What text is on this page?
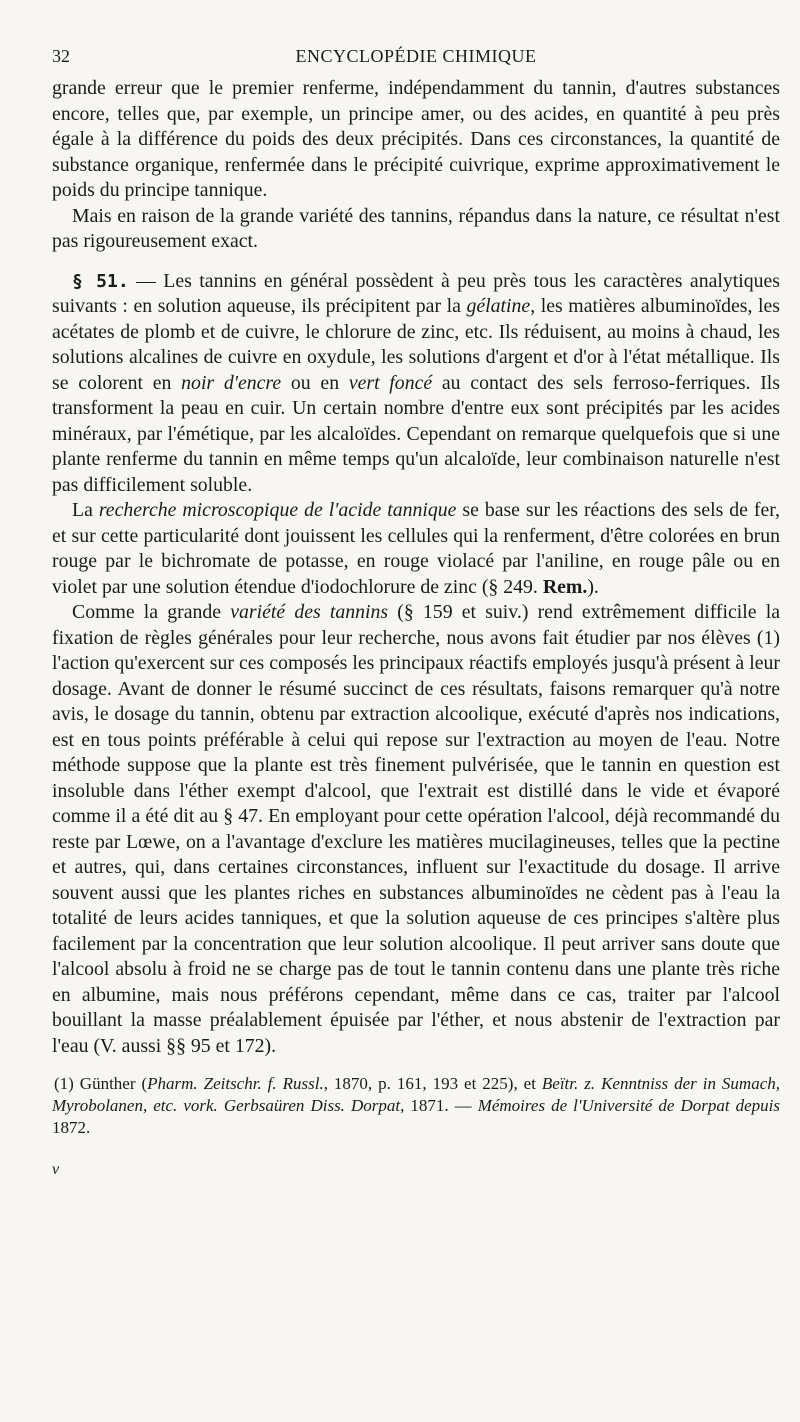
32	ENCYCLOPÉDIE CHIMIQUE

grande erreur que le premier renferme, indépendamment du tannin, d'autres substances encore, telles que, par exemple, un principe amer, ou des acides, en quantité à peu près égale à la différence du poids des deux précipités. Dans ces circonstances, la quantité de substance organique, renfermée dans le précipité cuivrique, exprime approximativement le poids du principe tannique.

Mais en raison de la grande variété des tannins, répandus dans la nature, ce résultat n'est pas rigoureusement exact.

§ 51. — Les tannins en général possèdent à peu près tous les caractères analytiques suivants : en solution aqueuse, ils précipitent par la gélatine, les matières albuminoïdes, les acétates de plomb et de cuivre, le chlorure de zinc, etc. Ils réduisent, au moins à chaud, les solutions alcalines de cuivre en oxydule, les solutions d'argent et d'or à l'état métallique. Ils se colorent en noir d'encre ou en vert foncé au contact des sels ferroso-ferriques. Ils transforment la peau en cuir. Un certain nombre d'entre eux sont précipités par les acides minéraux, par l'émétique, par les alcaloïdes. Cependant on remarque quelquefois que si une plante renferme du tannin en même temps qu'un alcaloïde, leur combinaison naturelle n'est pas difficilement soluble.

La recherche microscopique de l'acide tannique se base sur les réactions des sels de fer, et sur cette particularité dont jouissent les cellules qui la renferment, d'être colorées en brun rouge par le bichromate de potasse, en rouge violacé par l'aniline, en rouge pâle ou en violet par une solution étendue d'iodochlorure de zinc (§ 249. Rem.).

Comme la grande variété des tannins (§ 159 et suiv.) rend extrêmement difficile la fixation de règles générales pour leur recherche, nous avons fait étudier par nos élèves (1) l'action qu'exercent sur ces composés les principaux réactifs employés jusqu'à présent à leur dosage. Avant de donner le résumé succinct de ces résultats, faisons remarquer qu'à notre avis, le dosage du tannin, obtenu par extraction alcoolique, exécuté d'après nos indications, est en tous points préférable à celui qui repose sur l'extraction au moyen de l'eau. Notre méthode suppose que la plante est très finement pulvérisée, que le tannin en question est insoluble dans l'éther exempt d'alcool, que l'extrait est distillé dans le vide et évaporé comme il a été dit au § 47. En employant pour cette opération l'alcool, déjà recommandé du reste par Lœwe, on a l'avantage d'exclure les matières mucilagineuses, telles que la pectine et autres, qui, dans certaines circonstances, influent sur l'exactitude du dosage. Il arrive souvent aussi que les plantes riches en substances albuminoïdes ne cèdent pas à l'eau la totalité de leurs acides tanniques, et que la solution aqueuse de ces principes s'altère plus facilement par la concentration que leur solution alcoolique. Il peut arriver sans doute que l'alcool absolu à froid ne se charge pas de tout le tannin contenu dans une plante très riche en albumine, mais nous préférons cependant, même dans ce cas, traiter par l'alcool bouillant la masse préalablement épuisée par l'éther, et nous abstenir de l'extraction par l'eau (V. aussi §§ 95 et 172).

(1) Günther (Pharm. Zeitschr. f. Russl., 1870, p. 161, 193 et 225), et Beïtr. z. Kenntniss der in Sumach, Myrobolanen, etc. vork. Gerbsaüren Diss. Dorpat, 1871. — Mémoires de l'Université de Dorpat depuis 1872.

v
